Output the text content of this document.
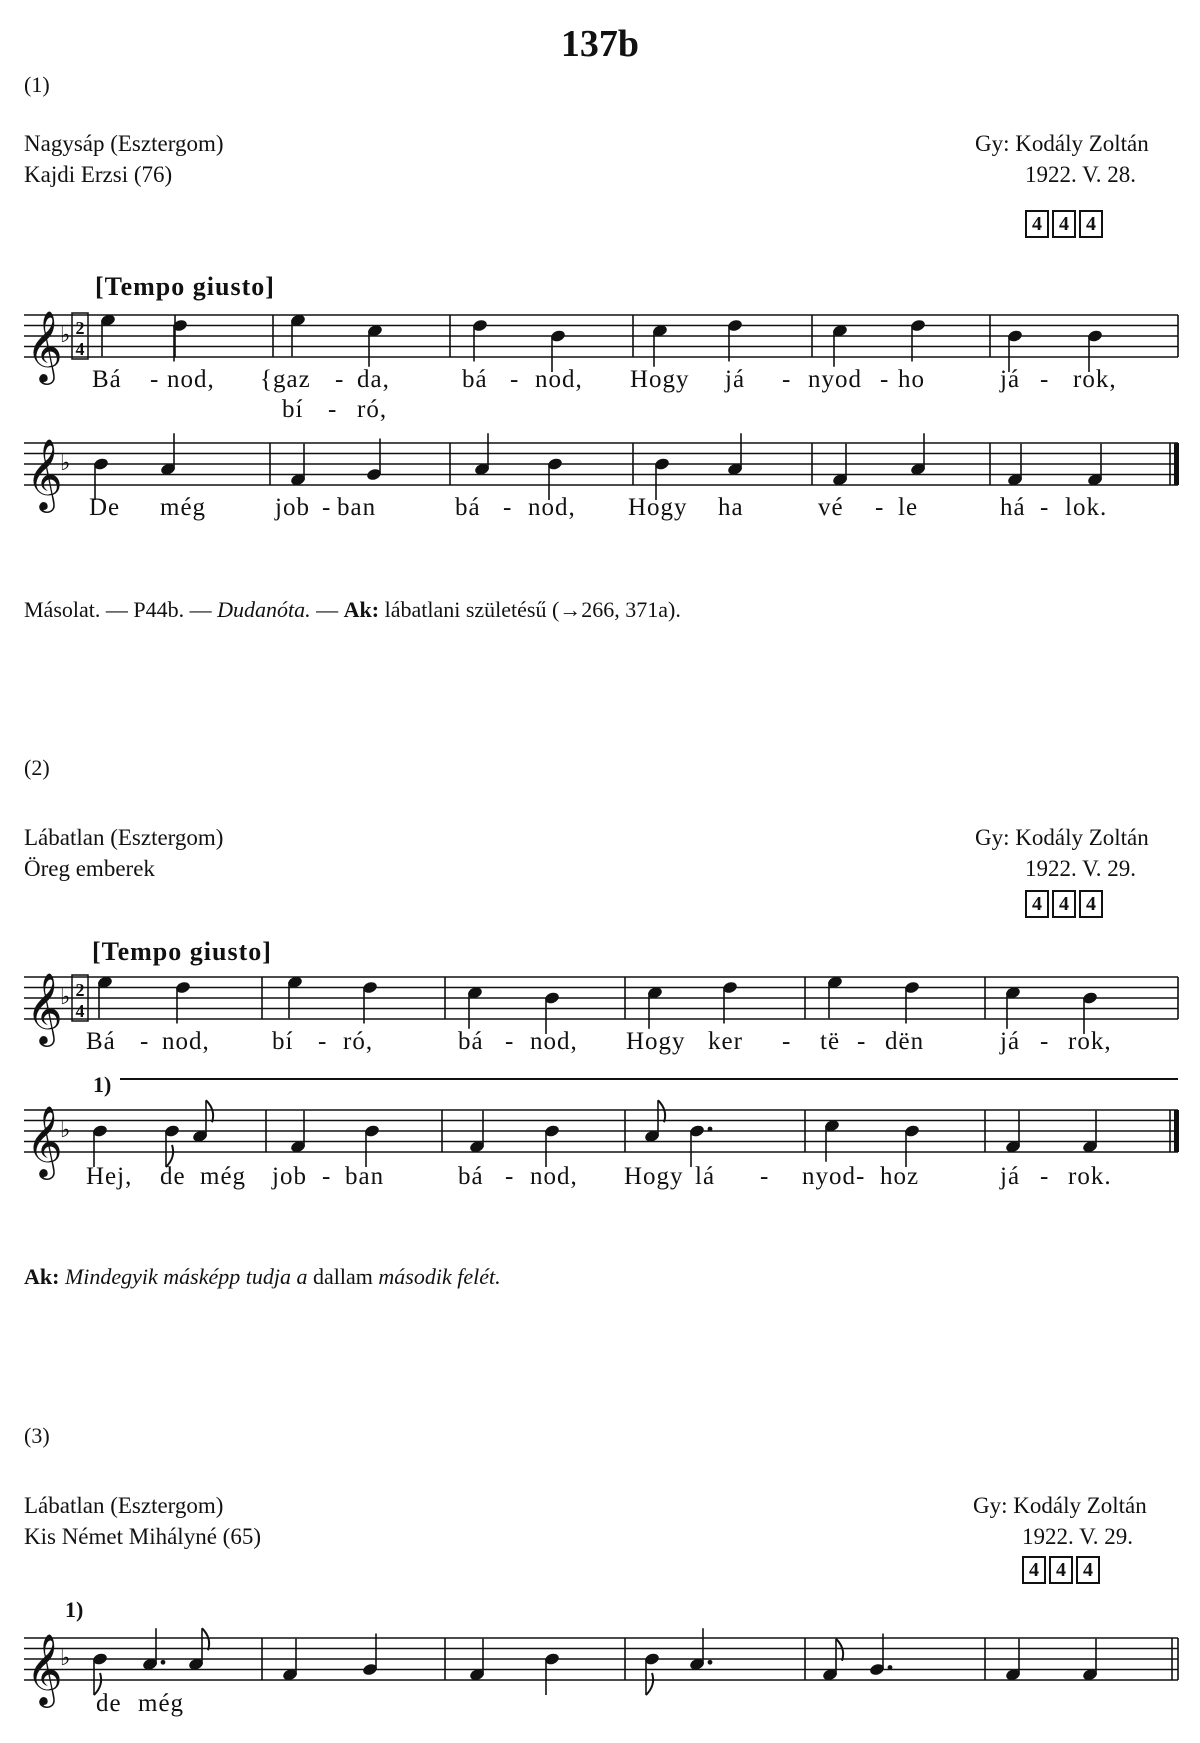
137b
(1)
Nagysáp (Esztergom)
Kajdi Erzsi (76)
Gy: Kodály Zoltán
1922. V. 28.
4 4 4
[Tempo giusto]
𝄞
♭ 2
4
Bá - nod, {gaz - da,	bá - nod, Hogy já - nyod - ho	já - rok,
bí - ró,
𝄞
♭
De még	job - ban	bá - nod, Hogy ha	vé - le	há - lok.
Másolat. — P44b. — Dudanóta. — Ak: lábatlani születésű (→266, 371a).
(2)
Lábatlan (Esztergom)
Öreg emberek
Gy: Kodály Zoltán
1922. V. 29.
4 4 4
[Tempo giusto]
𝄞
♭ 2
4
Bá - nod, bí - ró,	bá - nod, Hogy ker - të - dën	já - rok,
1)
𝄞
♭
Hej, de még job - ban	bá - nod, Hogy lá - nyod- hoz	já - rok.
Ak: Mindegyik másképp tudja a dallam második felét.
(3)
Lábatlan (Esztergom)
Kis Német Mihályné (65)
Gy: Kodály Zoltán
1922. V. 29.
4 4 4
1)
𝄞
♭
de még
